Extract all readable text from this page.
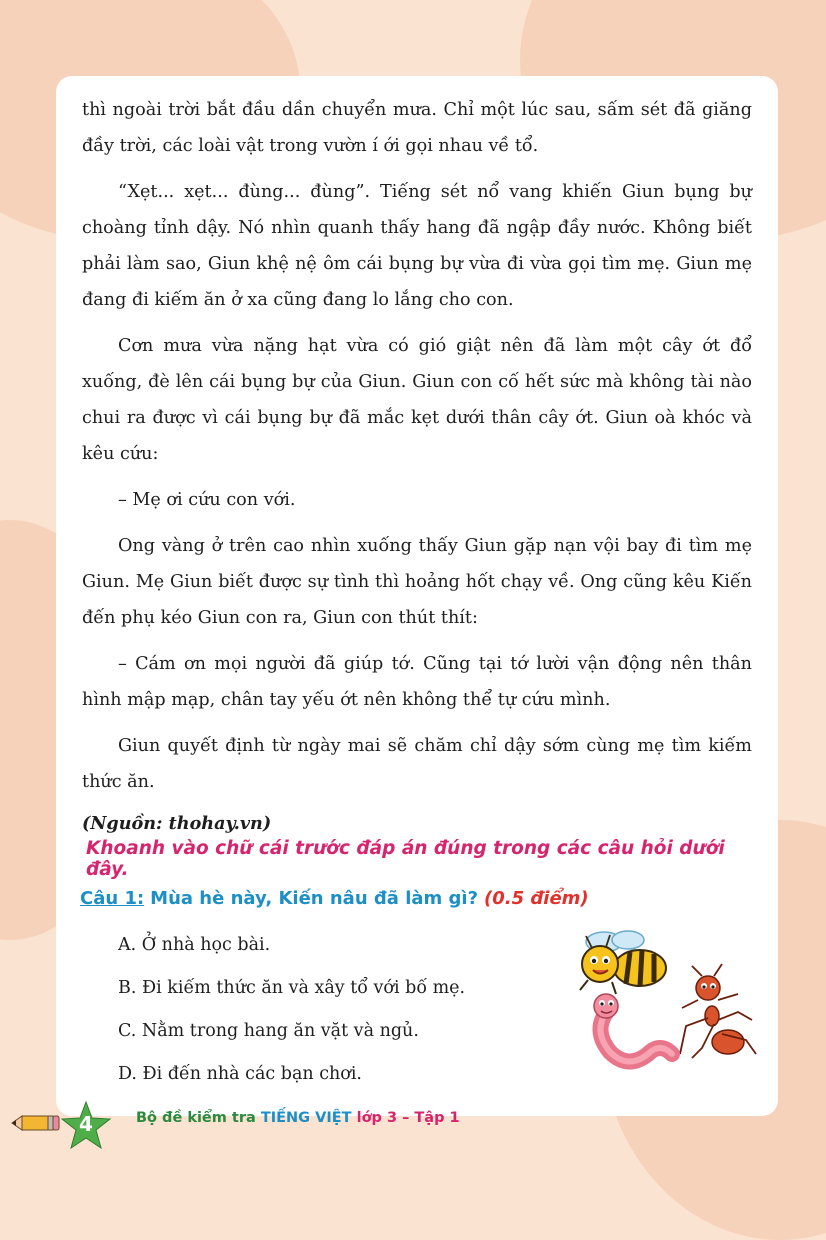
thì ngoài trời bắt đầu dần chuyển mưa. Chỉ một lúc sau, sấm sét đã giăng đầy trời, các loài vật trong vườn í ới gọi nhau về tổ.

“Xẹt... xẹt... đùng... đùng”. Tiếng sét nổ vang khiến Giun bụng bự choàng tỉnh dậy. Nó nhìn quanh thấy hang đã ngập đầy nước. Không biết phải làm sao, Giun khệ nệ ôm cái bụng bự vừa đi vừa gọi tìm mẹ. Giun mẹ đang đi kiếm ăn ở xa cũng đang lo lắng cho con.

Cơn mưa vừa nặng hạt vừa có gió giật nên đã làm một cây ớt đổ xuống, đè lên cái bụng bự của Giun. Giun con cố hết sức mà không tài nào chui ra được vì cái bụng bự đã mắc kẹt dưới thân cây ớt. Giun oà khóc và kêu cứu:

– Mẹ ơi cứu con với.

Ong vàng ở trên cao nhìn xuống thấy Giun gặp nạn vội bay đi tìm mẹ Giun. Mẹ Giun biết được sự tình thì hoảng hốt chạy về. Ong cũng kêu Kiến đến phụ kéo Giun con ra, Giun con thút thít:

– Cám ơn mọi người đã giúp tớ. Cũng tại tớ lười vận động nên thân hình mập mạp, chân tay yếu ớt nên không thể tự cứu mình.

Giun quyết định từ ngày mai sẽ chăm chỉ dậy sớm cùng mẹ tìm kiếm thức ăn.

(Nguồn: thohay.vn)

Khoanh vào chữ cái trước đáp án đúng trong các câu hỏi dưới đây.
Câu 1: Mùa hè này, Kiến nâu đã làm gì? (0.5 điểm)
A. Ở nhà học bài.
B. Đi kiếm thức ăn và xây tổ với bố mẹ.
C. Nằm trong hang ăn vặt và ngủ.
D. Đi đến nhà các bạn chơi.
4	Bộ đề kiểm tra TIẾNG VIỆT lớp 3 – Tập 1
